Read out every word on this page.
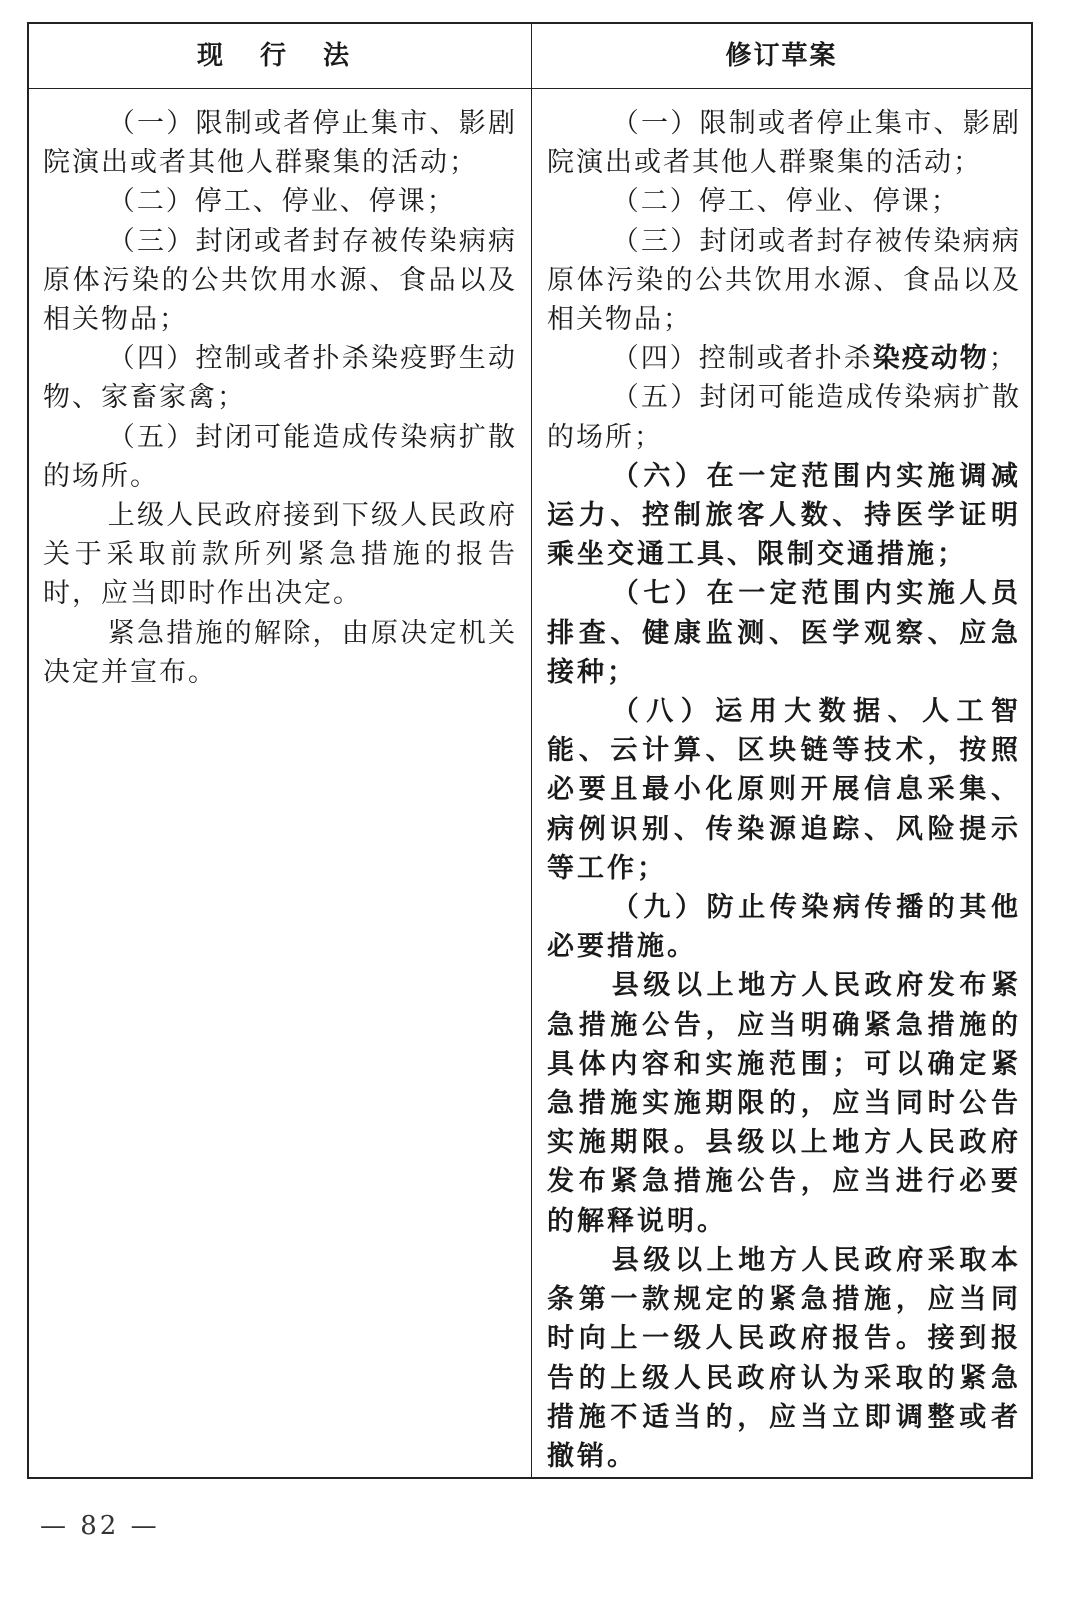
现 行 法	修订草案

（一）限制或者停止集市、影剧院演出或者其他人群聚集的活动；

（二）停工、停业、停课；

（三）封闭或者封存被传染病病原体污染的公共饮用水源、食品以及相关物品；

（四）控制或者扑杀染疫野生动物、家畜家禽；

（五）封闭可能造成传染病扩散的场所。

上级人民政府接到下级人民政府关于采取前款所列紧急措施的报告时，应当即时作出决定。

紧急措施的解除，由原决定机关决定并宣布。

（一）限制或者停止集市、影剧院演出或者其他人群聚集的活动；

（二）停工、停业、停课；

（三）封闭或者封存被传染病病原体污染的公共饮用水源、食品以及相关物品；

（四）控制或者扑杀染疫动物；

（五）封闭可能造成传染病扩散的场所；

（六）在一定范围内实施调减运力、控制旅客人数、持医学证明乘坐交通工具、限制交通措施；

（七）在一定范围内实施人员排查、健康监测、医学观察、应急接种；

（八）运用大数据、人工智能、云计算、区块链等技术，按照必要且最小化原则开展信息采集、病例识别、传染源追踪、风险提示等工作；

（九）防止传染病传播的其他必要措施。

县级以上地方人民政府发布紧急措施公告，应当明确紧急措施的具体内容和实施范围；可以确定紧急措施实施期限的，应当同时公告实施期限。县级以上地方人民政府发布紧急措施公告，应当进行必要的解释说明。

县级以上地方人民政府采取本条第一款规定的紧急措施，应当同时向上一级人民政府报告。接到报告的上级人民政府认为采取的紧急措施不适当的，应当立即调整或者撤销。

— 82 —
